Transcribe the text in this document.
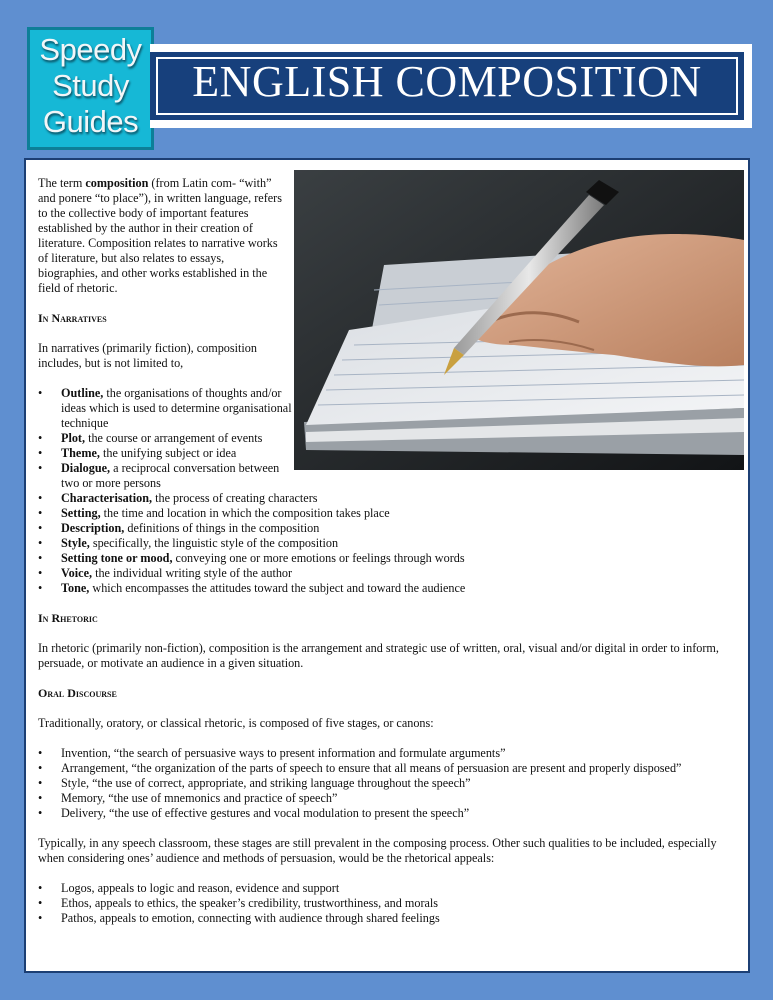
Speedy
Study
Guides
ENGLISH COMPOSITION

The term composition (from Latin com- “with” and ponere “to place”), in written language, refers to the collective body of important features established by the author in their creation of literature. Composition relates to narrative works of literature, but also relates to essays, biographies, and other works established in the field of rhetoric.

In Narratives

In narratives (primarily fiction), composition includes, but is not limited to,

• Outline, the organisations of thoughts and/or ideas which is used to determine organisational technique
• Plot, the course or arrangement of events
• Theme, the unifying subject or idea
• Dialogue, a reciprocal conversation between two or more persons
• Characterisation, the process of creating characters
• Setting, the time and location in which the composition takes place
• Description, definitions of things in the composition
• Style, specifically, the linguistic style of the composition
• Setting tone or mood, conveying one or more emotions or feelings through words
• Voice, the individual writing style of the author
• Tone, which encompasses the attitudes toward the subject and toward the audience
In Rhetoric

In rhetoric (primarily non-fiction), composition is the arrangement and strategic use of written, oral, visual and/or digital in order to inform, persuade, or motivate an audience in a given situation.

Oral Discourse

Traditionally, oratory, or classical rhetoric, is composed of five stages, or canons:

• Invention, “the search of persuasive ways to present information and formulate arguments”
• Arrangement, “the organization of the parts of speech to ensure that all means of persuasion are present and properly disposed”
• Style, “the use of correct, appropriate, and striking language throughout the speech”
• Memory, “the use of mnemonics and practice of speech”
• Delivery, “the use of effective gestures and vocal modulation to present the speech”

Typically, in any speech classroom, these stages are still prevalent in the composing process. Other such qualities to be included, especially when considering ones’ audience and methods of persuasion, would be the rhetorical appeals:

• Logos, appeals to logic and reason, evidence and support
• Ethos, appeals to ethics, the speaker’s credibility, trustworthiness, and morals
• Pathos, appeals to emotion, connecting with audience through shared feelings
